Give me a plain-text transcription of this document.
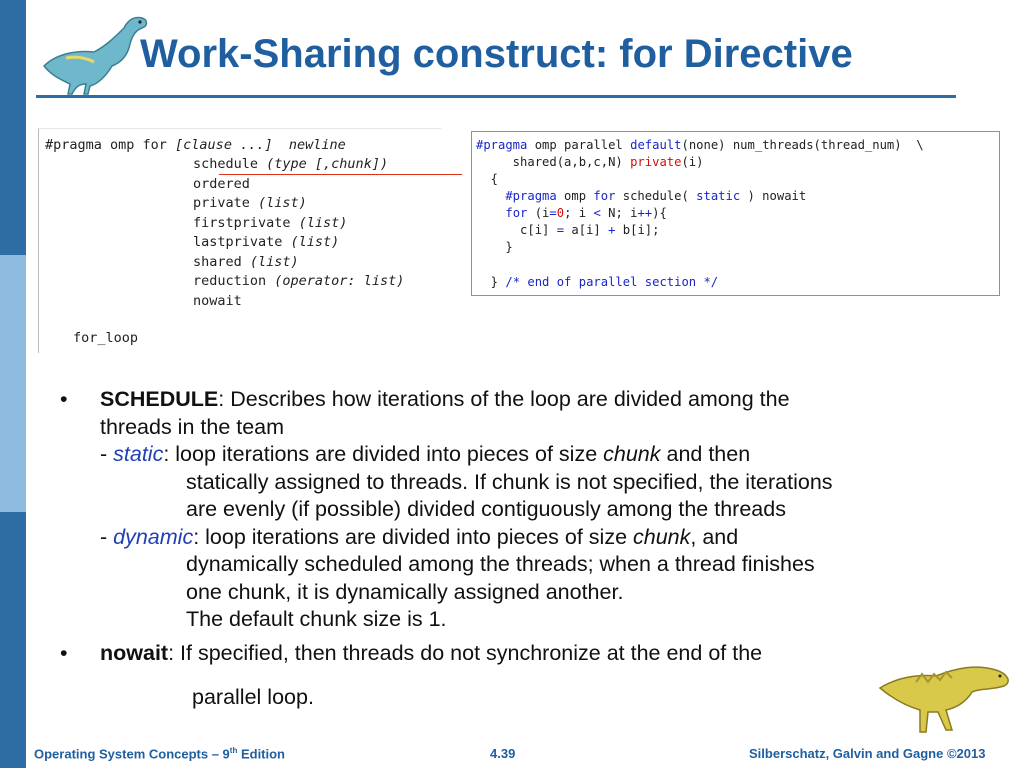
Work-Sharing construct: for Directive
#pragma omp for [clause ...]  newline
schedule (type [,chunk])
ordered
private (list)
firstprivate (list)
lastprivate (list)
shared (list)
reduction (operator: list)
nowait
for_loop
#pragma omp parallel default(none) num_threads(thread_num)  \
shared(a,b,c,N) private(i)
{
#pragma omp for schedule( static ) nowait
for (i=0; i < N; i++){
c[i] = a[i] + b[i];
}
} /* end of parallel section */
• SCHEDULE: Describes how iterations of the loop are divided among the
threads in the team
- static: loop iterations are divided into pieces of size chunk and then
statically assigned to threads. If chunk is not specified, the iterations
are evenly (if possible) divided contiguously among the threads
- dynamic: loop iterations are divided into pieces of size chunk, and
dynamically scheduled among the threads; when a thread finishes
one chunk, it is dynamically assigned another.
The default chunk size is 1.
• nowait: If specified, then threads do not synchronize at the end of the
parallel loop.
Operating System Concepts – 9th Edition	4.39	Silberschatz, Galvin and Gagne ©2013
